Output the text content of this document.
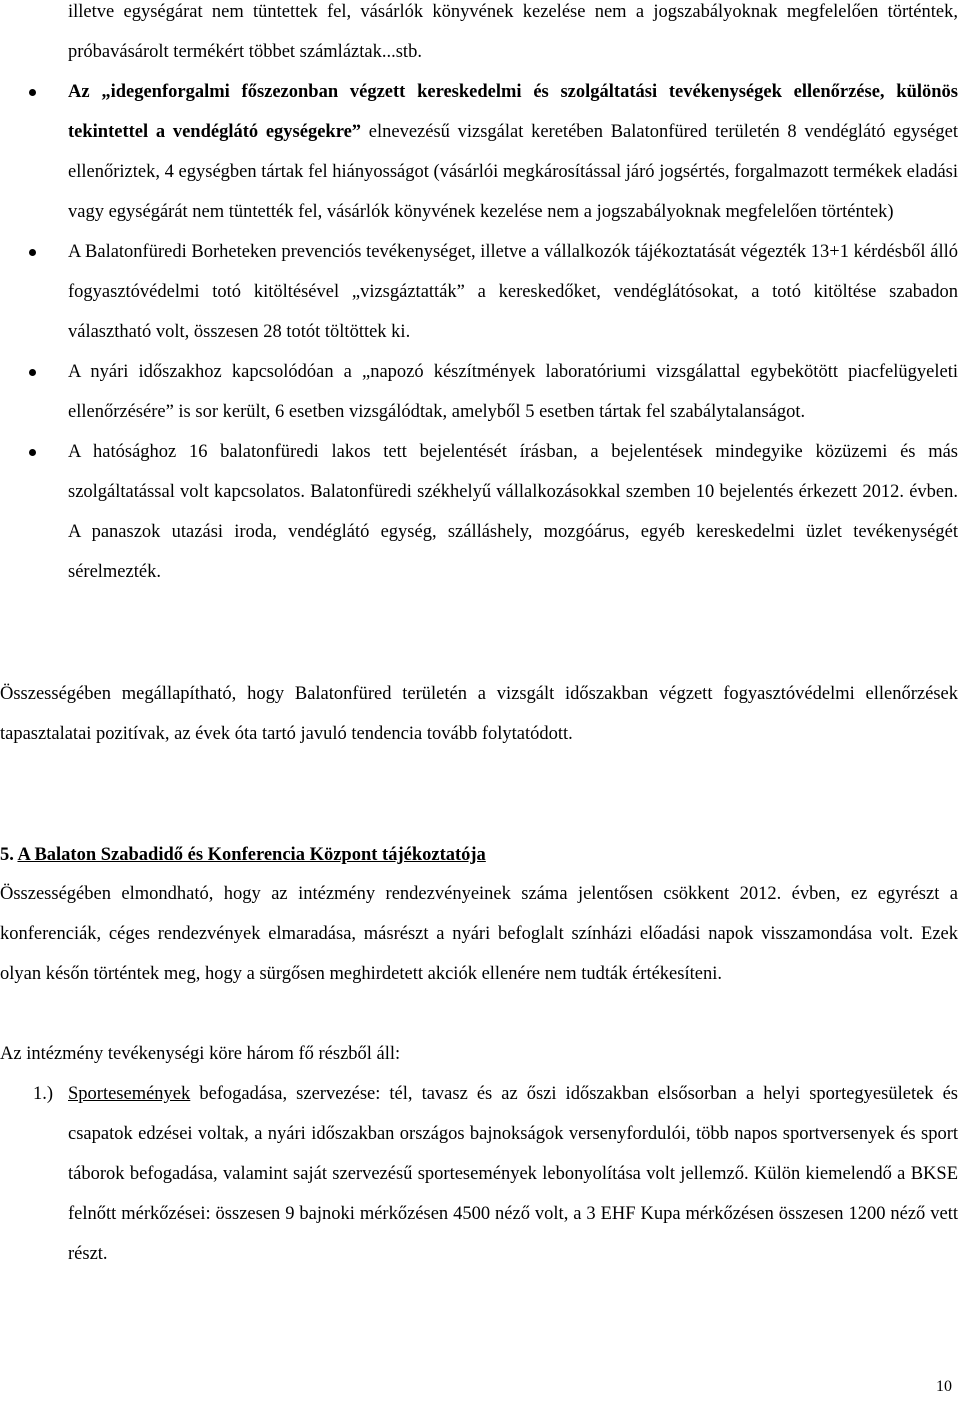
illetve egységárat nem tüntettek fel, vásárlók könyvének kezelése nem a jogszabályoknak megfelelően történtek, próbavásárolt termékért többet számláztak...stb.
Az „idegenforgalmi főszezonban végzett kereskedelmi és szolgáltatási tevékenységek ellenőrzése, különös tekintettel a vendéglátó egységekre” elnevezésű vizsgálat keretében Balatonfüred területén 8 vendéglátó egységet ellenőriztek, 4 egységben tártak fel hiányosságot (vásárlói megkárosítással járó jogsértés, forgalmazott termékek eladási vagy egységárát nem tüntették fel, vásárlók könyvének kezelése nem a jogszabályoknak megfelelően történtek)
A Balatonfüredi Borheteken prevenciós tevékenységet, illetve a vállalkozók tájékoztatását végezték 13+1 kérdésből álló fogyasztóvédelmi totó kitöltésével „vizsgáztatták” a kereskedőket, vendéglátósokat, a totó kitöltése szabadon választható volt, összesen 28 totót töltöttek ki.
A nyári időszakhoz kapcsolódóan a „napozó készítmények laboratóriumi vizsgálattal egybekötött piacfelügyeleti ellenőrzésére” is sor került, 6 esetben vizsgálódtak, amelyből 5 esetben tártak fel szabálytalanságot.
A hatósághoz 16 balatonfüredi lakos tett bejelentését írásban, a bejelentések mindegyike közüzemi és más szolgáltatással volt kapcsolatos. Balatonfüredi székhelyű vállalkozásokkal szemben 10 bejelentés érkezett 2012. évben. A panaszok utazási iroda, vendéglátó egység, szálláshely, mozgóárus, egyéb kereskedelmi üzlet tevékenységét sérelmezték.
Összességében megállapítható, hogy Balatonfüred területén a vizsgált időszakban végzett fogyasztóvédelmi ellenőrzések tapasztalatai pozitívak, az évek óta tartó javuló tendencia tovább folytatódott.
5. A Balaton Szabadidő és Konferencia Központ tájékoztatója
Összességében elmondható, hogy az intézmény rendezvényeinek száma jelentősen csökkent 2012. évben, ez egyrészt a konferenciák, céges rendezvények elmaradása, másrészt a nyári befoglalt színházi előadási napok visszamondása volt. Ezek olyan későn történtek meg, hogy a sürgősen meghirdetett akciók ellenére nem tudták értékesíteni.
Az intézmény tevékenységi köre három fő részből áll:
1.) Sportesemények befogadása, szervezése: tél, tavasz és az őszi időszakban elsősorban a helyi sportegyesületek és csapatok edzései voltak, a nyári időszakban országos bajnokságok versenyfordulói, több napos sportversenyek és sport táborok befogadása, valamint saját szervezésű sportesemények lebonyolítása volt jellemző. Külön kiemelendő a BKSE felnőtt mérkőzései: összesen 9 bajnoki mérkőzésen 4500 néző volt, a 3 EHF Kupa mérkőzésen összesen 1200 néző vett részt.
10
